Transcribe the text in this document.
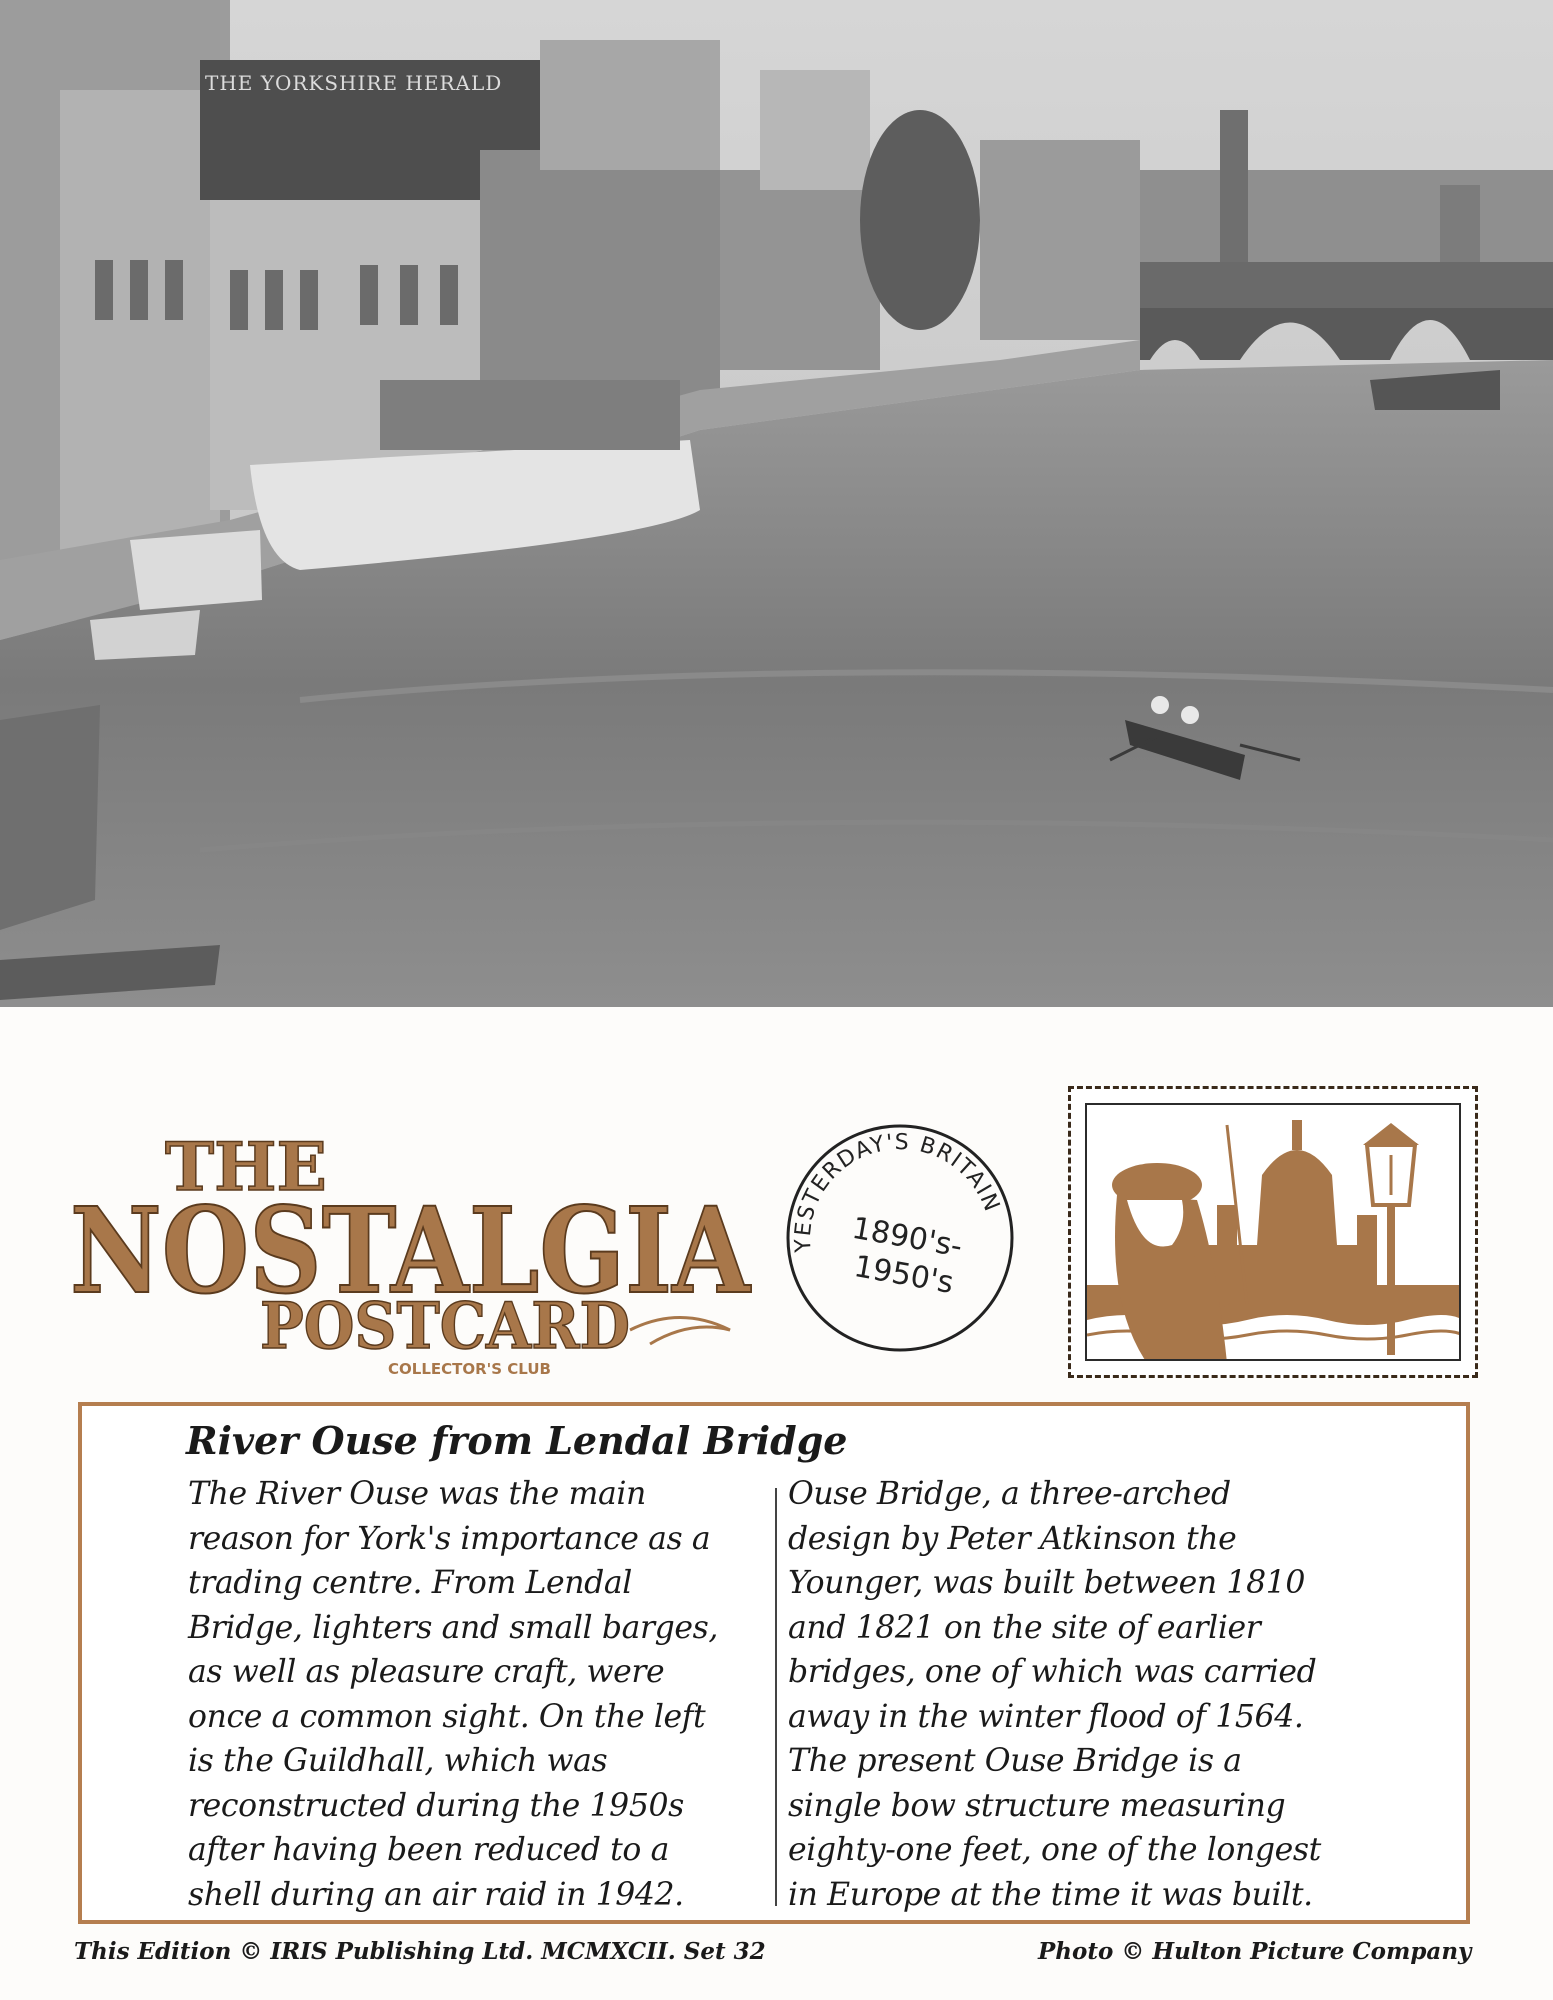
THE YORKSHIRE HERALD
THE
NOSTALGIA
POSTCARD
COLLECTOR'S CLUB
YESTERDAY'S BRITAIN
1890's-
1950's
River Ouse from Lendal Bridge
The River Ouse was the main
reason for York's importance as a
trading centre. From Lendal
Bridge, lighters and small barges,
as well as pleasure craft, were
once a common sight. On the left
is the Guildhall, which was
reconstructed during the 1950s
after having been reduced to a
shell during an air raid in 1942.
Ouse Bridge, a three-arched
design by Peter Atkinson the
Younger, was built between 1810
and 1821 on the site of earlier
bridges, one of which was carried
away in the winter flood of 1564.
The present Ouse Bridge is a
single bow structure measuring
eighty-one feet, one of the longest
in Europe at the time it was built.
This Edition © IRIS Publishing Ltd. MCMXCII. Set 32	Photo © Hulton Picture Company
